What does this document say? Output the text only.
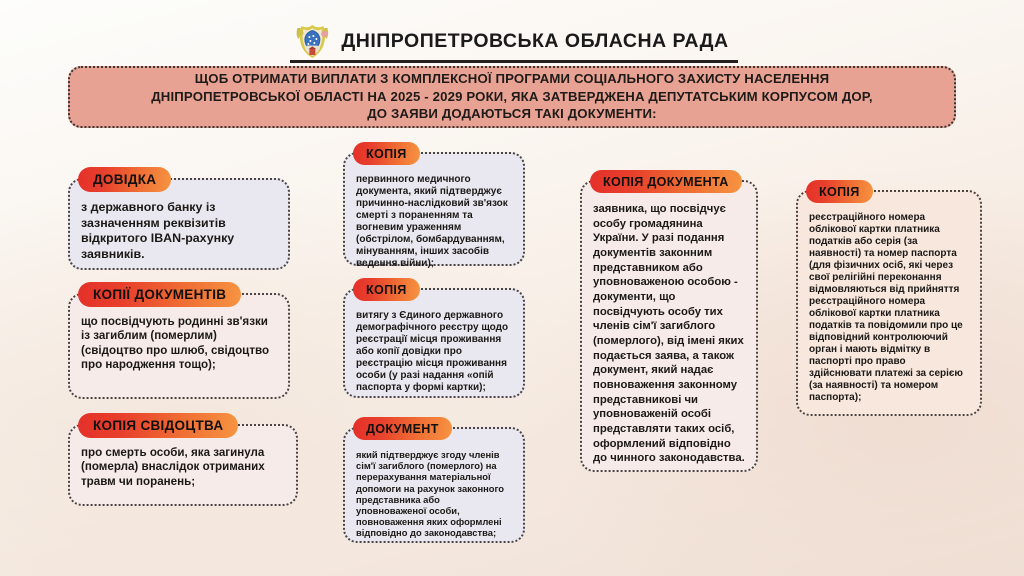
ДНІПРОПЕТРОВСЬКА ОБЛАСНА РАДА
ЩОБ ОТРИМАТИ ВИПЛАТИ З КОМПЛЕКСНОЇ ПРОГРАМИ СОЦІАЛЬНОГО ЗАХИСТУ НАСЕЛЕННЯ
ДНІПРОПЕТРОВСЬКОЇ ОБЛАСТІ НА 2025 - 2029 РОКИ, ЯКА ЗАТВЕРДЖЕНА ДЕПУТАТСЬКИМ КОРПУСОМ ДОР,
ДО ЗАЯВИ ДОДАЮТЬСЯ ТАКІ ДОКУМЕНТИ:
ДОВІДКА
з державного банку із зазначенням реквізитів відкритого IBAN-рахунку заявників.
КОПІЇ ДОКУМЕНТІВ
що посвідчують родинні зв'язки із загиблим (померлим) (свідоцтво про шлюб, свідоцтво про народження тощо);
КОПІЯ СВІДОЦТВА
про смерть особи, яка загинула (померла) внаслідок отриманих травм чи поранень;
КОПІЯ
первинного медичного документа, який підтверджує причинно-наслідковий зв'язок смерті з пораненням та вогневим ураженням (обстрілом, бомбардуванням, мінуванням, інших засобів ведення війни);
КОПІЯ
витягу з Єдиного державного демографічного реєстру щодо реєстрації місця проживання або копії довідки про реєстрацію місця проживання особи (у разі надання «опій паспорта у формі картки);
ДОКУМЕНТ
який підтверджує згоду членів сім'ї загиблого (померлого) на перерахування матеріальної допомоги на рахунок законного представника або уповноваженої особи, повноваження яких оформлені відповідно до законодавства;
КОПІЯ ДОКУМЕНТА
заявника, що посвідчує особу громадянина України. У разі подання документів законним представником або уповноваженою особою - документи, що посвідчують особу тих членів сім'ї загиблого (померлого), від імені яких подається заява, а також документ, який надає повноваження законному представникові чи уповноваженій особі представляти таких осіб, оформлений відповідно до чинного законодавства.
КОПІЯ
реєстраційного номера облікової картки платника податків або серія (за наявності) та номер паспорта (для фізичних осіб, які через свої релігійні переконання відмовляються від прийняття реєстраційного номера облікової картки платника податків та повідомили про це відповідний контролюючий орган і мають відмітку в паспорті про право здійснювати платежі за серією (за наявності) та номером паспорта);
